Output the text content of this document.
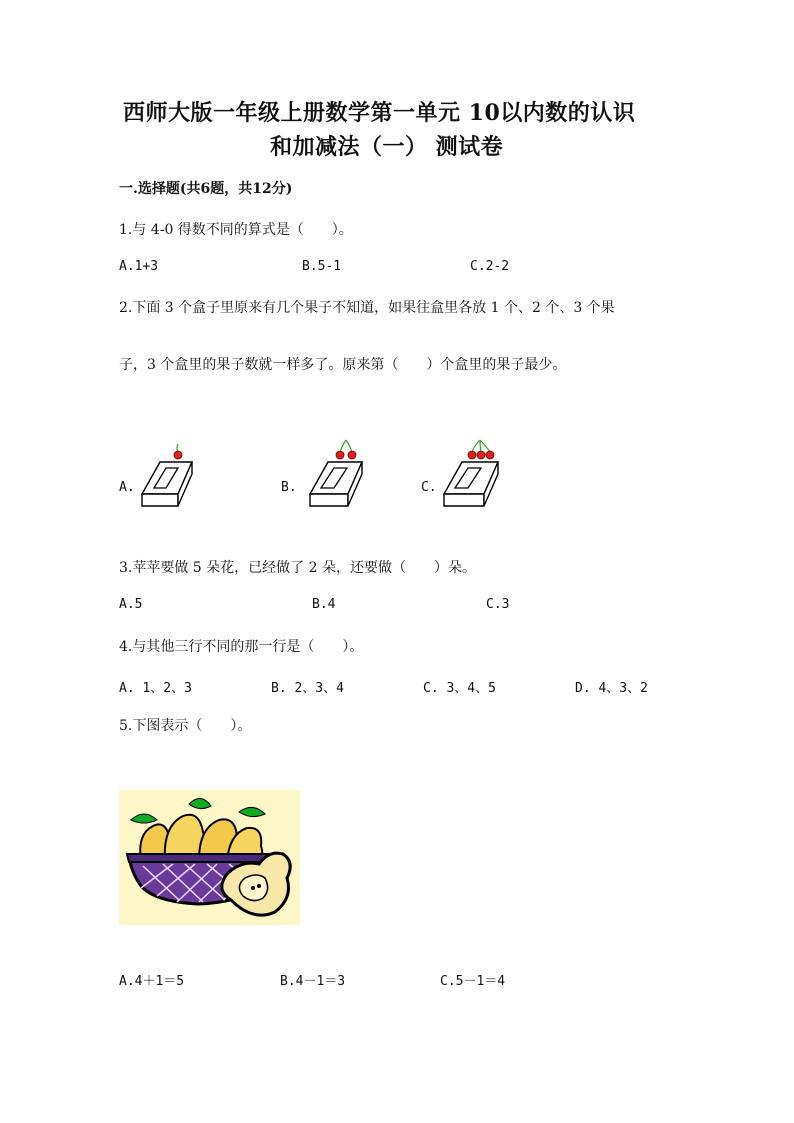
西师大版一年级上册数学第一单元 10以内数的认识
和加减法（一） 测试卷
一.选择题(共6题，共12分)
1.与 4-0 得数不同的算式是（　　）。
A.1+3	B.5-1	C.2-2
2.下面 3 个盒子里原来有几个果子不知道，如果往盒里各放 1 个、2 个、3 个果
子，3 个盒里的果子数就一样多了。原来第（　　）个盒里的果子最少。
A.	B.	C.
3.苹苹要做 5 朵花，已经做了 2 朵，还要做（　　）朵。
A.5	B.4	C.3
4.与其他三行不同的那一行是（　　）。
A. 1、2、3	B. 2、3、4	C. 3、4、5	D. 4、3、2
5.下图表示（　　）。
A.4＋1＝5	B.4－1＝3	C.5－1＝4
